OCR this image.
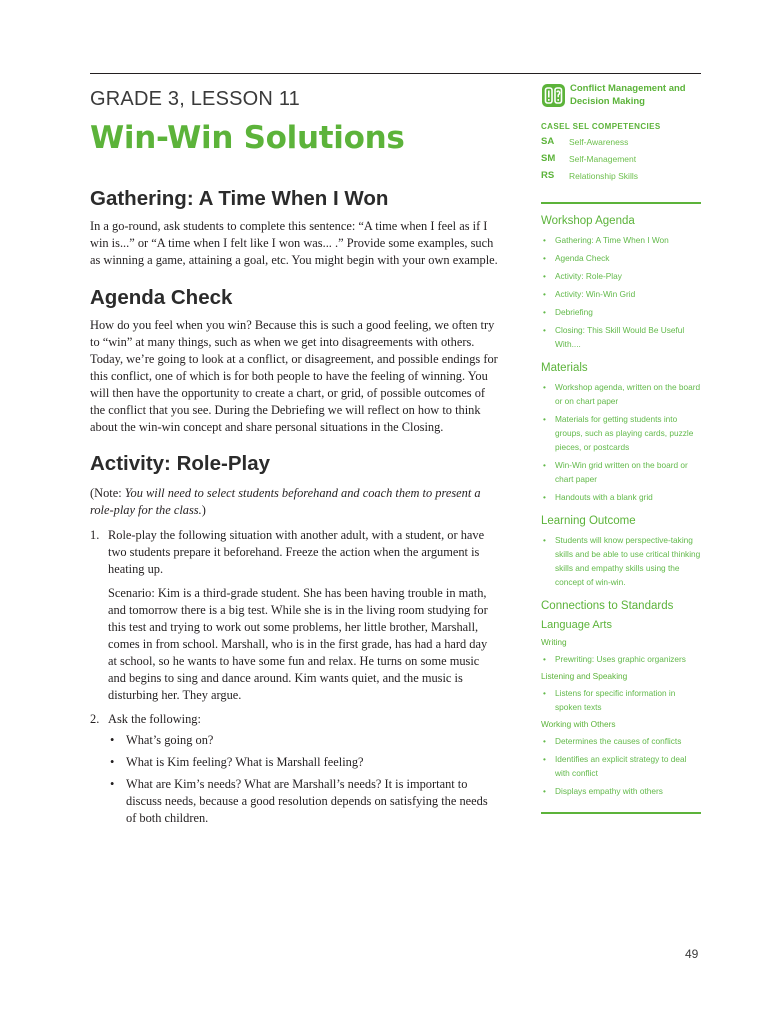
GRADE 3, LESSON 11
Win-Win Solutions
Gathering: A Time When I Won

In a go-round, ask students to complete this sentence: “A time when I feel as if I win is...” or “A time when I felt like I won was... .” Provide some examples, such as winning a game, attaining a goal, etc. You might begin with your own example.

Agenda Check

How do you feel when you win? Because this is such a good feeling, we often try to “win” at many things, such as when we get into disagreements with others. Today, we’re going to look at a conflict, or disagreement, and possible endings for this conflict, one of which is for both people to have the feeling of winning. You will then have the opportunity to create a chart, or grid, of possible outcomes of the conflict that you see. During the Debriefing we will reflect on how to think about the win-win concept and share personal situations in the Closing.

Activity: Role-Play

(Note: You will need to select students beforehand and coach them to present a role-play for the class.)

1. Role-play the following situation with another adult, with a student, or have two students prepare it beforehand. Freeze the action when the argument is heating up.

Scenario: Kim is a third-grade student. She has been having trouble in math, and tomorrow there is a big test. While she is in the living room studying for this test and trying to work out some problems, her little brother, Marshall, comes in from school. Marshall, who is in the first grade, has had a hard day at school, so he wants to have some fun and relax. He turns on some music and begins to sing and dance around. Kim wants quiet, and the music is disturbing her. They argue.

2. Ask the following:

• What’s going on?
• What is Kim feeling? What is Marshall feeling?
• What are Kim’s needs? What are Marshall’s needs? It is important to discuss needs, because a good resolution depends on satisfying the needs of both children.
Conflict Management and Decision Making
CASEL SEL COMPETENCIES
SA	Self-Awareness
SM	Self-Management
RS	Relationship Skills
Workshop Agenda
• Gathering: A Time When I Won
• Agenda Check
• Activity: Role-Play
• Activity: Win-Win Grid
• Debriefing
• Closing: This Skill Would Be Useful With....
Materials
• Workshop agenda, written on the board or on chart paper
• Materials for getting students into groups, such as playing cards, puzzle pieces, or postcards
• Win-Win grid written on the board or chart paper
• Handouts with a blank grid
Learning Outcome
• Students will know perspective-taking skills and be able to use critical thinking skills and empathy skills using the concept of win-win.
Connections to Standards
Language Arts
Writing
• Prewriting: Uses graphic organizers
Listening and Speaking
• Listens for specific information in spoken texts
Working with Others
• Determines the causes of conflicts
• Identifies an explicit strategy to deal with conflict
• Displays empathy with others
49
